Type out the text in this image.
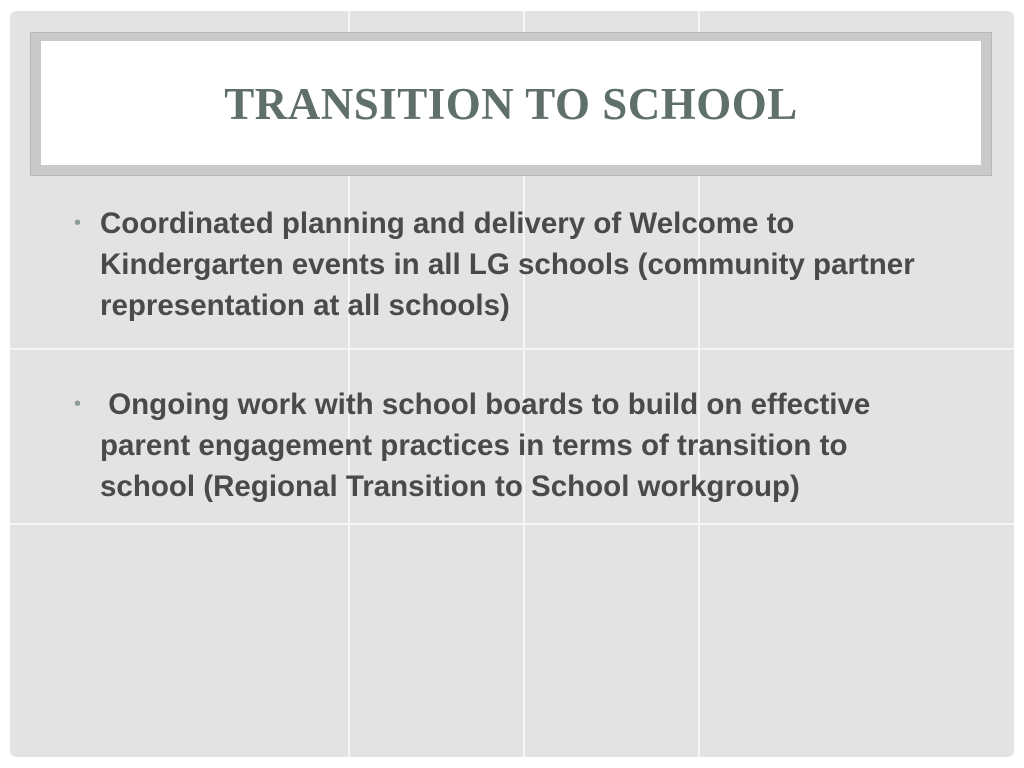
TRANSITION TO SCHOOL
• Coordinated planning and delivery of Welcome to Kindergarten events in all LG schools (community partner representation at all schools)
• Ongoing work with school boards to build on effective parent engagement practices in terms of transition to school (Regional Transition to School workgroup)
